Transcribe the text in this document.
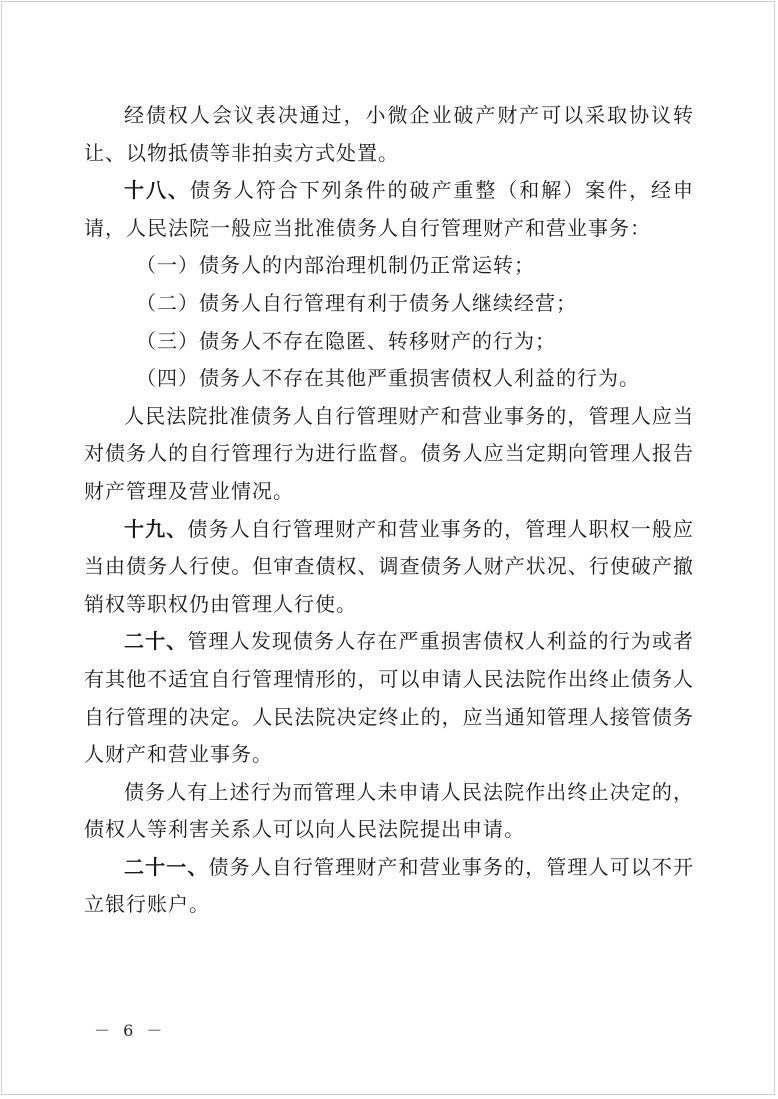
经债权人会议表决通过，小微企业破产财产可以采取协议转让、以物抵债等非拍卖方式处置。

十八、债务人符合下列条件的破产重整（和解）案件，经申请，人民法院一般应当批准债务人自行管理财产和营业事务：

（一）债务人的内部治理机制仍正常运转；

（二）债务人自行管理有利于债务人继续经营；

（三）债务人不存在隐匿、转移财产的行为；

（四）债务人不存在其他严重损害债权人利益的行为。

人民法院批准债务人自行管理财产和营业事务的，管理人应当对债务人的自行管理行为进行监督。债务人应当定期向管理人报告财产管理及营业情况。

十九、债务人自行管理财产和营业事务的，管理人职权一般应当由债务人行使。但审查债权、调查债务人财产状况、行使破产撤销权等职权仍由管理人行使。

二十、管理人发现债务人存在严重损害债权人利益的行为或者有其他不适宜自行管理情形的，可以申请人民法院作出终止债务人自行管理的决定。人民法院决定终止的，应当通知管理人接管债务人财产和营业事务。

债务人有上述行为而管理人未申请人民法院作出终止决定的，债权人等利害关系人可以向人民法院提出申请。

二十一、债务人自行管理财产和营业事务的，管理人可以不开立银行账户。

－ 6 －
